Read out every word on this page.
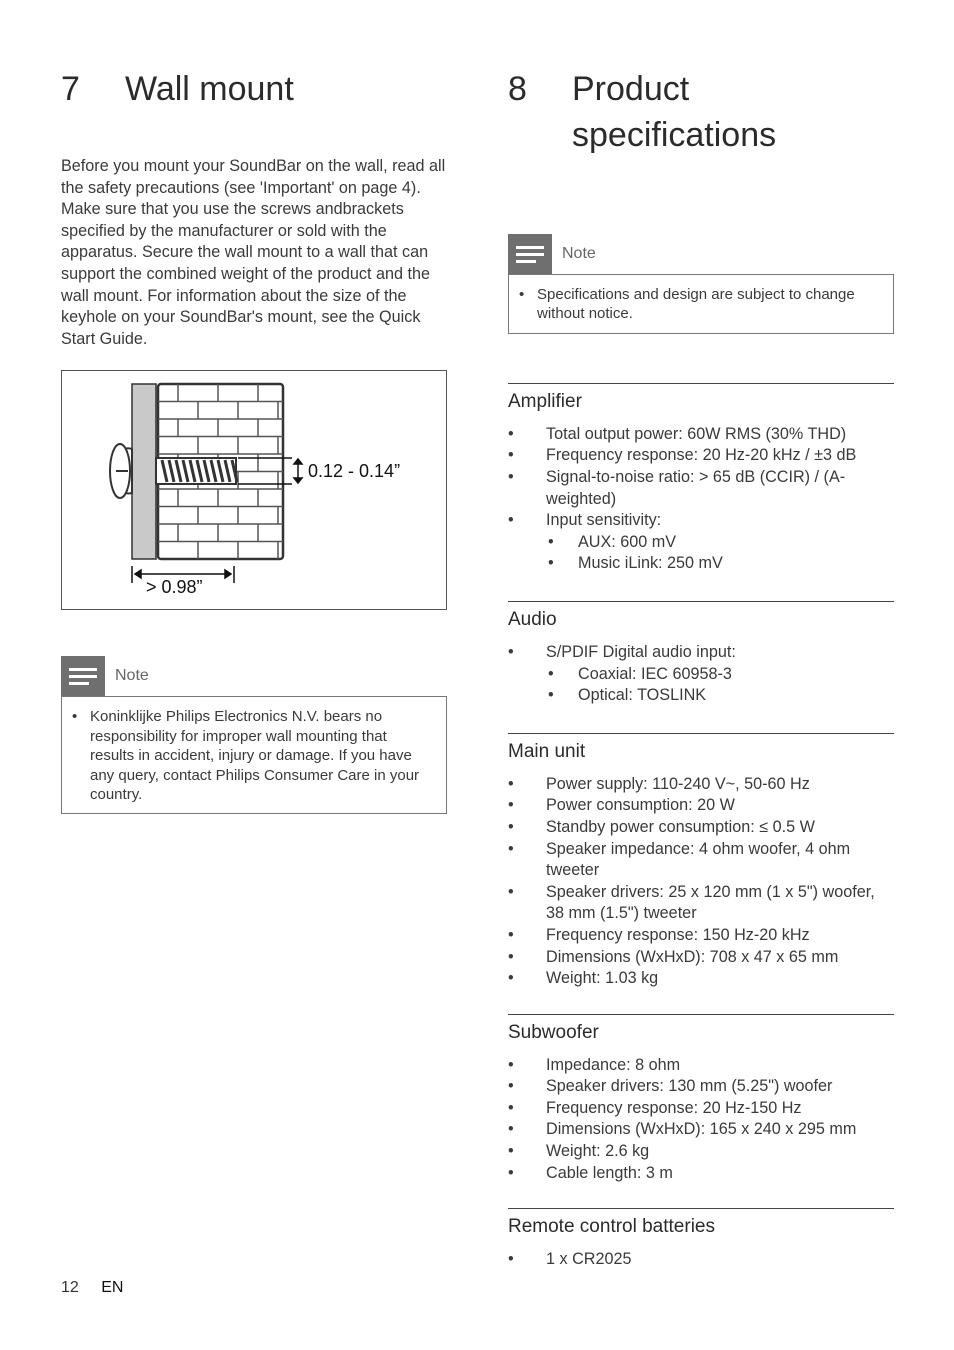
7	Wall mount

Before you mount your SoundBar on the wall, read all the safety precautions (see 'Important' on page 4).

Make sure that you use the screws andbrackets specified by the manufacturer or sold with the apparatus. Secure the wall mount to a wall that can support the combined weight of the product and the wall mount. For information about the size of the keyhole on your SoundBar's mount, see the Quick Start Guide.

0.12 - 0.14”
> 0.98”
Note
• Koninklijke Philips Electronics N.V. bears no responsibility for improper wall mounting that results in accident, injury or damage. If you have any query, contact Philips Consumer Care in your country.
8	Product
specifications
Note
• Specifications and design are subject to change without notice.
Amplifier
• Total output power: 60W RMS (30% THD)
• Frequency response: 20 Hz-20 kHz / ±3 dB
• Signal-to-noise ratio: > 65 dB (CCIR) / (A-weighted)
• Input sensitivity:
• AUX: 600 mV
• Music iLink: 250 mV
Audio
• S/PDIF Digital audio input:
• Coaxial: IEC 60958-3
• Optical: TOSLINK
Main unit
• Power supply: 110-240 V~, 50-60 Hz
• Power consumption: 20 W
• Standby power consumption: ≤ 0.5 W
• Speaker impedance: 4 ohm woofer, 4 ohm tweeter
• Speaker drivers: 25 x 120 mm (1 x 5") woofer, 38 mm (1.5") tweeter
• Frequency response: 150 Hz-20 kHz
• Dimensions (WxHxD): 708 x 47 x 65 mm
• Weight: 1.03 kg
Subwoofer
• Impedance: 8 ohm
• Speaker drivers: 130 mm (5.25") woofer
• Frequency response: 20 Hz-150 Hz
• Dimensions (WxHxD): 165 x 240 x 295 mm
• Weight: 2.6 kg
• Cable length: 3 m
Remote control batteries
• 1 x CR2025
12 EN
